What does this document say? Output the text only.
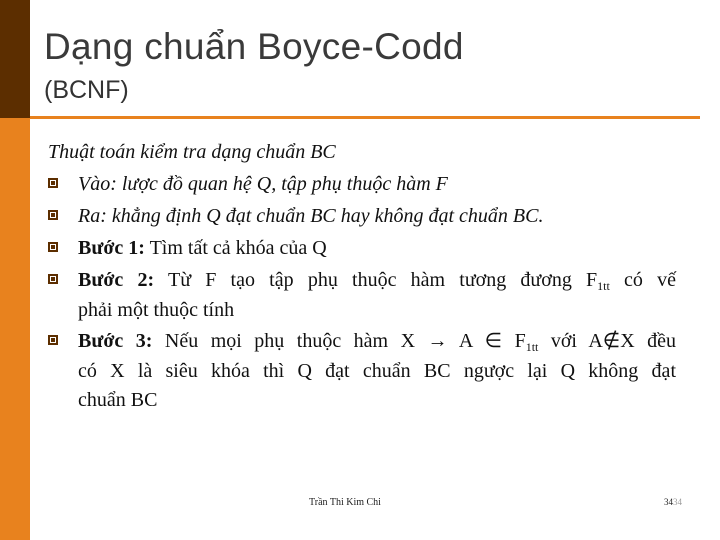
Dạng chuẩn Boyce-Codd
(BCNF)
Thuật toán kiểm tra dạng chuẩn BC
Vào: lược đồ quan hệ Q, tập phụ thuộc hàm F
Ra: khẳng định Q đạt chuẩn BC hay không đạt chuẩn BC.
Bước 1: Tìm tất cả khóa của Q
Bước 2: Từ F tạo tập phụ thuộc hàm tương đương $F_{1tt}$ có vế
phải một thuộc tính
Bước 3: Nếu mọi phụ thuộc hàm X → A ∈ $F_{1tt}$ với A∉X đều
có X là siêu khóa thì Q đạt chuẩn BC ngược lại Q không đạt
chuẩn BC
Trần Thi Kim Chi	3434
